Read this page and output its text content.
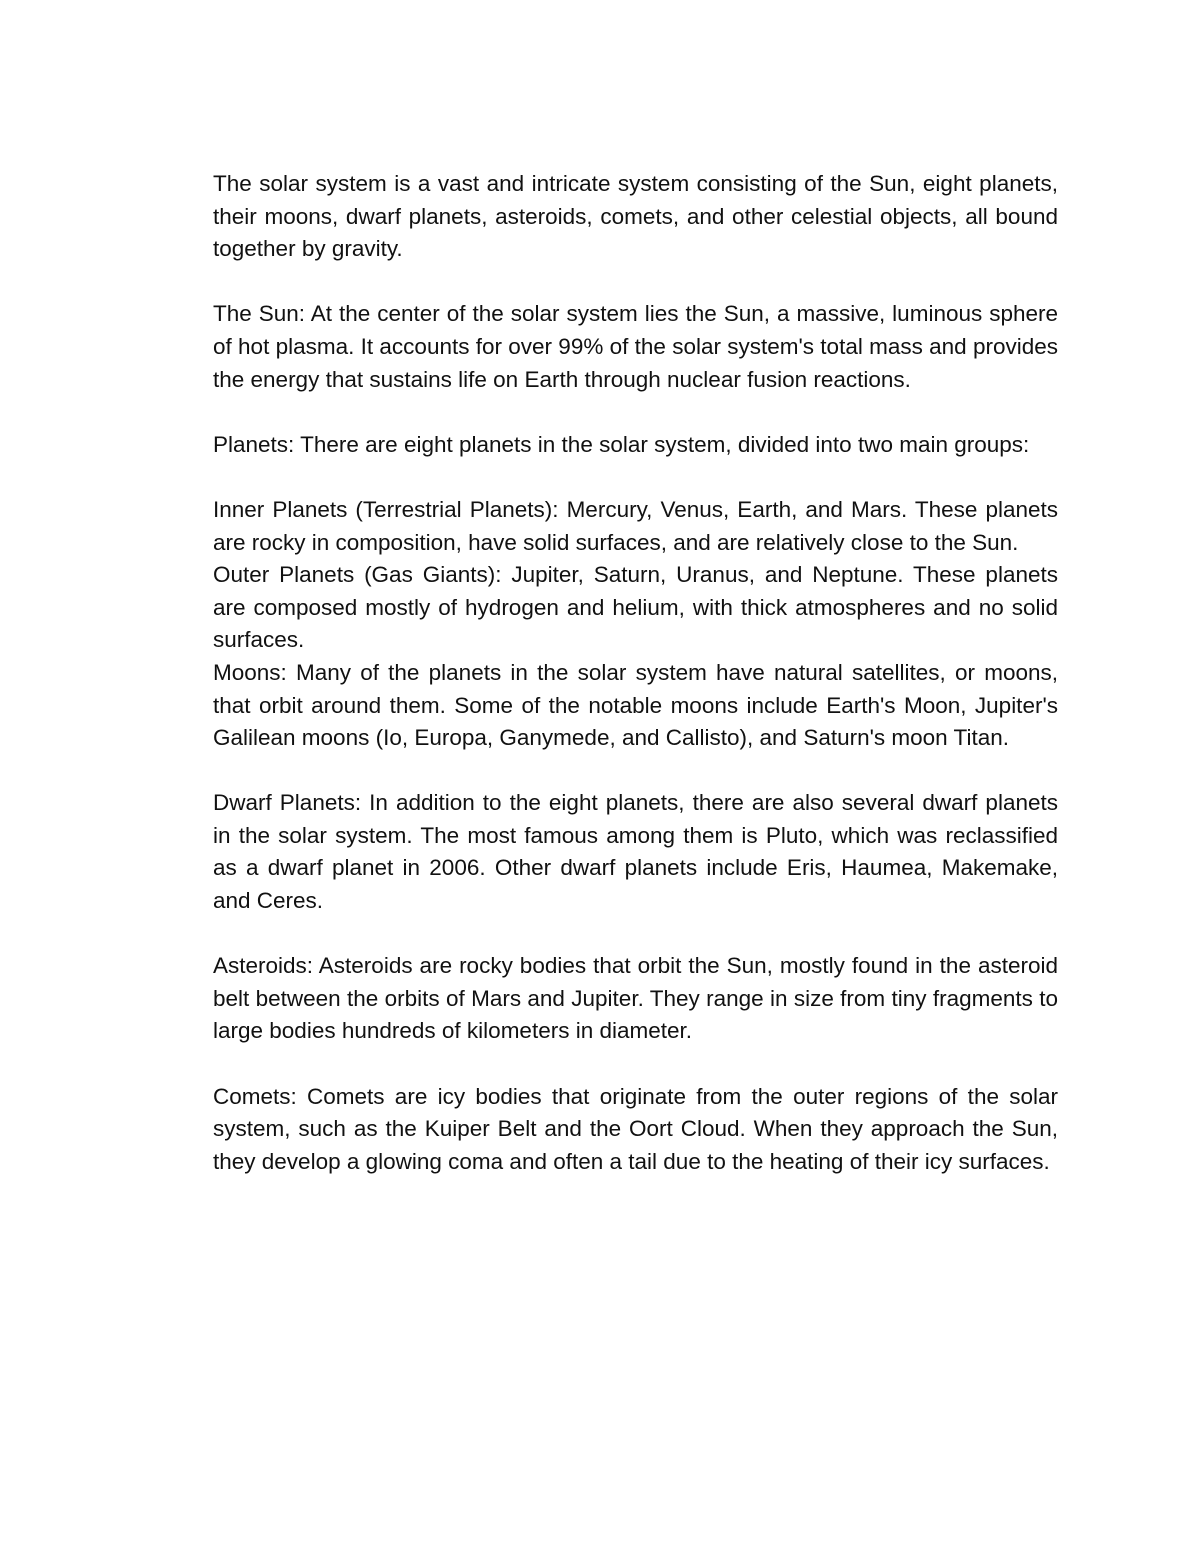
The solar system is a vast and intricate system consisting of the Sun, eight planets, their moons, dwarf planets, asteroids, comets, and other celestial objects, all bound together by gravity.

The Sun: At the center of the solar system lies the Sun, a massive, luminous sphere of hot plasma. It accounts for over 99% of the solar system's total mass and provides the energy that sustains life on Earth through nuclear fusion reactions.

Planets: There are eight planets in the solar system, divided into two main groups:

Inner Planets (Terrestrial Planets): Mercury, Venus, Earth, and Mars. These planets are rocky in composition, have solid surfaces, and are relatively close to the Sun.

Outer Planets (Gas Giants): Jupiter, Saturn, Uranus, and Neptune. These planets are composed mostly of hydrogen and helium, with thick atmospheres and no solid surfaces.

Moons: Many of the planets in the solar system have natural satellites, or moons, that orbit around them. Some of the notable moons include Earth's Moon, Jupiter's Galilean moons (Io, Europa, Ganymede, and Callisto), and Saturn's moon Titan.

Dwarf Planets: In addition to the eight planets, there are also several dwarf planets in the solar system. The most famous among them is Pluto, which was reclassified as a dwarf planet in 2006. Other dwarf planets include Eris, Haumea, Makemake, and Ceres.

Asteroids: Asteroids are rocky bodies that orbit the Sun, mostly found in the asteroid belt between the orbits of Mars and Jupiter. They range in size from tiny fragments to large bodies hundreds of kilometers in diameter.

Comets: Comets are icy bodies that originate from the outer regions of the solar system, such as the Kuiper Belt and the Oort Cloud. When they approach the Sun, they develop a glowing coma and often a tail due to the heating of their icy surfaces.
